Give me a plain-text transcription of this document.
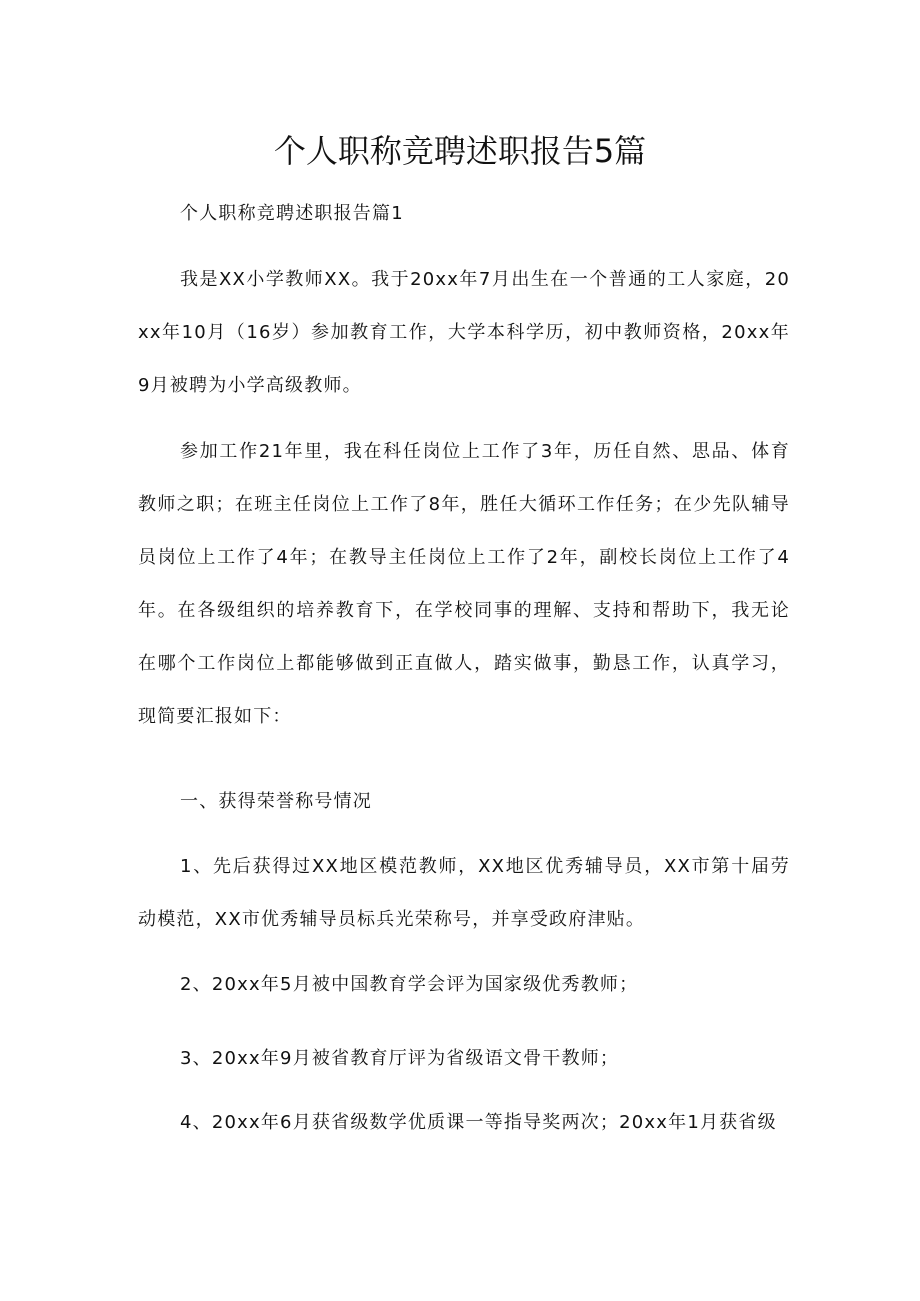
个人职称竞聘述职报告5篇

个人职称竞聘述职报告篇1

我是XX小学教师XX。我于20xx年7月出生在一个普通的工人家庭，20xx年10月（16岁）参加教育工作，大学本科学历，初中教师资格，20xx年9月被聘为小学高级教师。

参加工作21年里，我在科任岗位上工作了3年，历任自然、思品、体育教师之职；在班主任岗位上工作了8年，胜任大循环工作任务；在少先队辅导员岗位上工作了4年；在教导主任岗位上工作了2年，副校长岗位上工作了4年。在各级组织的培养教育下，在学校同事的理解、支持和帮助下，我无论在哪个工作岗位上都能够做到正直做人，踏实做事，勤恳工作，认真学习，现简要汇报如下：

一、获得荣誉称号情况

1、先后获得过XX地区模范教师，XX地区优秀辅导员，XX市第十届劳动模范，XX市优秀辅导员标兵光荣称号，并享受政府津贴。

2、20xx年5月被中国教育学会评为国家级优秀教师；

3、20xx年9月被省教育厅评为省级语文骨干教师；

4、20xx年6月获省级数学优质课一等指导奖两次；20xx年1月获省级
